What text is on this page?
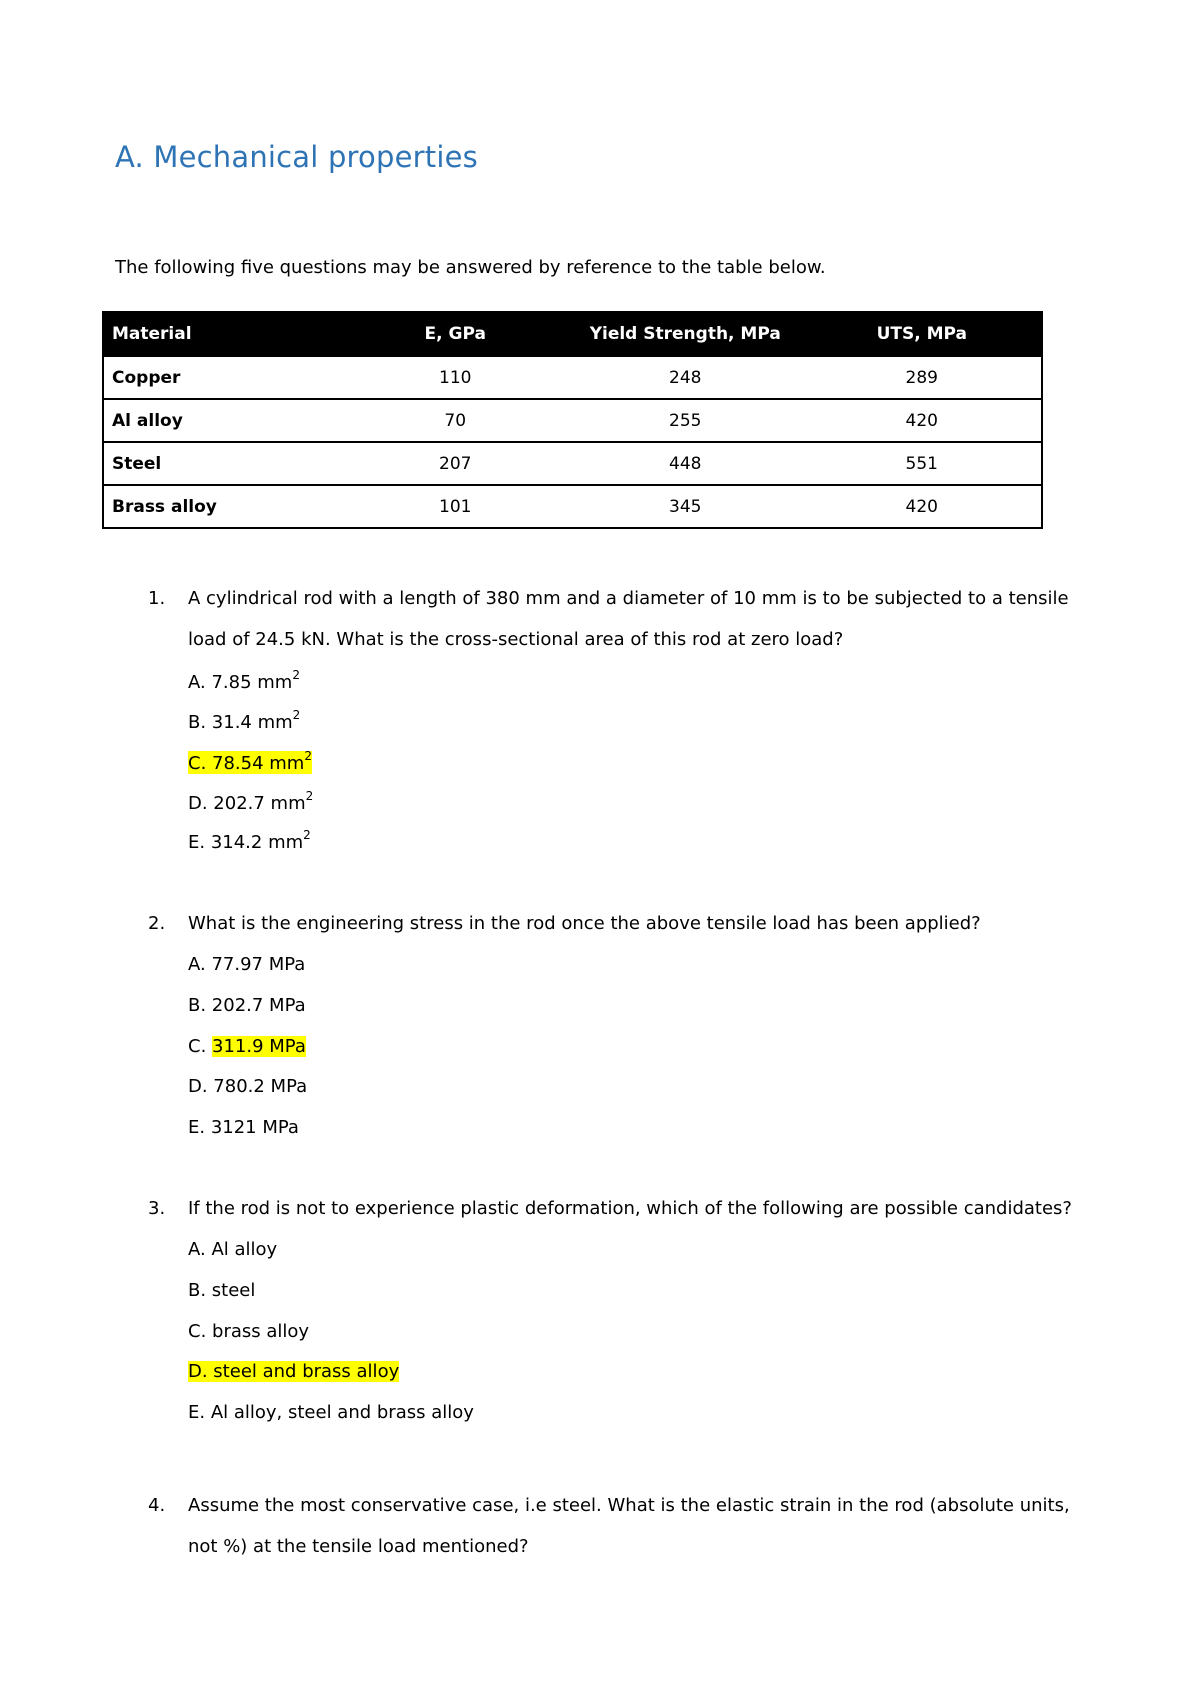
A. Mechanical properties

The following five questions may be answered by reference to the table below.

Material	E, GPa	Yield Strength, MPa	UTS, MPa
Copper	110	248	289
Al alloy	70	255	420
Steel	207	448	551
Brass alloy	101	345	420
1. A cylindrical rod with a length of 380 mm and a diameter of 10 mm is to be subjected to a tensile
load of 24.5 kN. What is the cross-sectional area of this rod at zero load?
A. 7.85 $mm^2$
B. 31.4 $mm^2$
C. 78.54 $mm^2$
D. 202.7 $mm^2$
E. 314.2 $mm^2$
2. What is the engineering stress in the rod once the above tensile load has been applied?
A. 77.97 MPa
B. 202.7 MPa
C. 311.9 MPa
D. 780.2 MPa
E. 3121 MPa
3. If the rod is not to experience plastic deformation, which of the following are possible candidates?
A. Al alloy
B. steel
C. brass alloy
D. steel and brass alloy
E. Al alloy, steel and brass alloy
4. Assume the most conservative case, i.e steel. What is the elastic strain in the rod (absolute units,
not %) at the tensile load mentioned?
